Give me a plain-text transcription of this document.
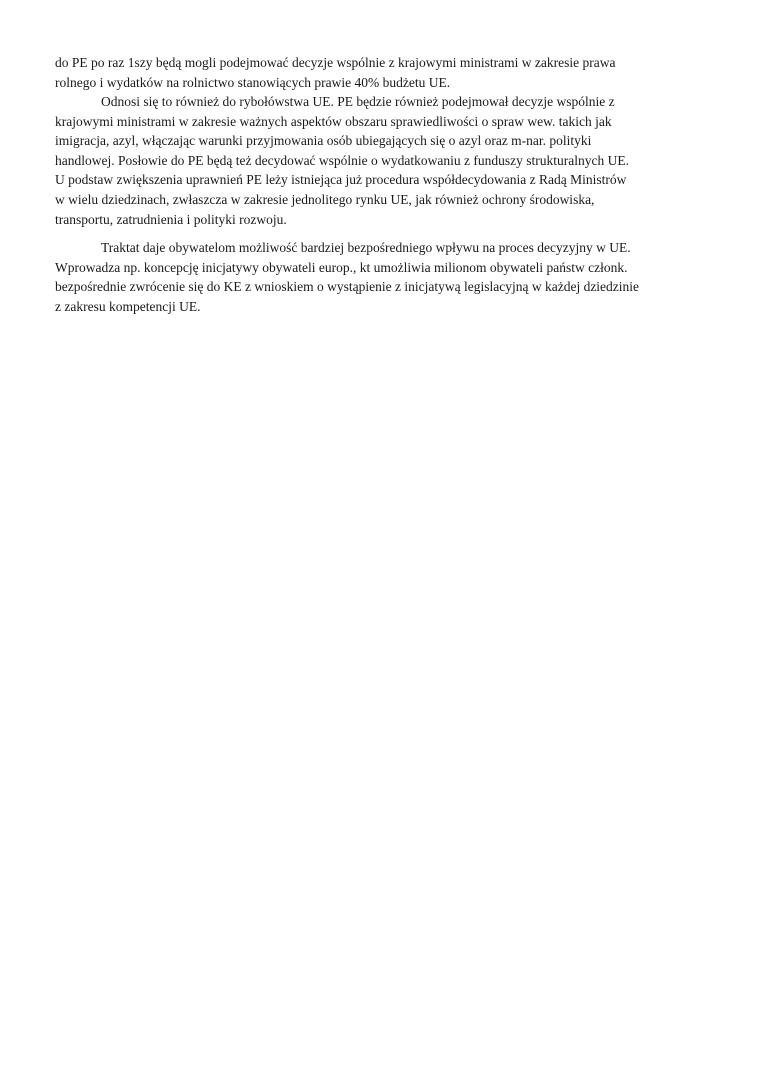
do PE po raz 1szy będą mogli podejmować decyzje wspólnie z krajowymi ministrami w zakresie prawa
rolnego i wydatków na rolnictwo stanowiących prawie 40% budżetu UE.
Odnosi się to również do rybołówstwa UE. PE będzie również podejmował decyzje wspólnie z
krajowymi ministrami w zakresie ważnych aspektów obszaru sprawiedliwości o spraw wew. takich jak
imigracja, azyl, włączając warunki przyjmowania osób ubiegających się o azyl oraz m-nar. polityki
handlowej. Posłowie do PE będą też decydować wspólnie o wydatkowaniu z funduszy strukturalnych UE.
U podstaw zwiększenia uprawnień PE leży istniejąca już procedura współdecydowania z Radą Ministrów
w wielu dziedzinach, zwłaszcza w zakresie jednolitego rynku UE, jak również ochrony środowiska,
transportu, zatrudnienia i polityki rozwoju.
Traktat daje obywatelom możliwość bardziej bezpośredniego wpływu na proces decyzyjny w UE.
Wprowadza np. koncepcję inicjatywy obywateli europ., kt umożliwia milionom obywateli państw członk.
bezpośrednie zwrócenie się do KE z wnioskiem o wystąpienie z inicjatywą legislacyjną w każdej dziedzinie
z zakresu kompetencji UE.
